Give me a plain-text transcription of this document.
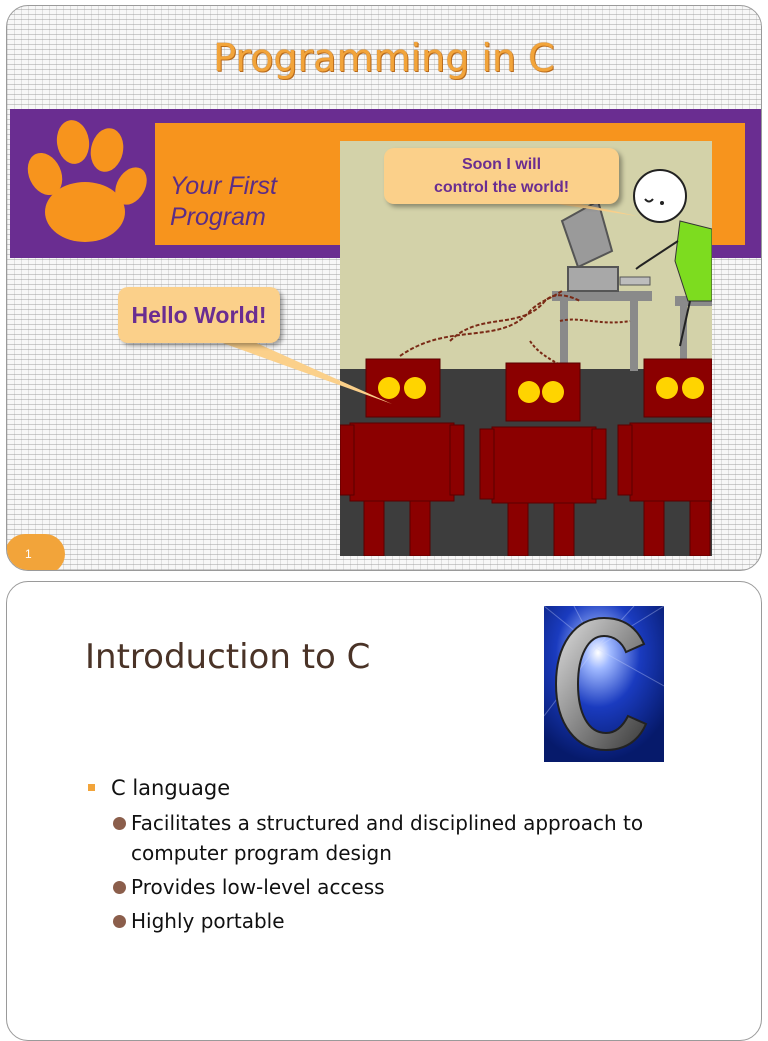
Programming in C
Your First
Program
Hello World!
Soon I will
control the world!
1
Introduction to C
C language
Facilitates a structured and disciplined approach to computer program design
Provides low-level access
Highly portable
